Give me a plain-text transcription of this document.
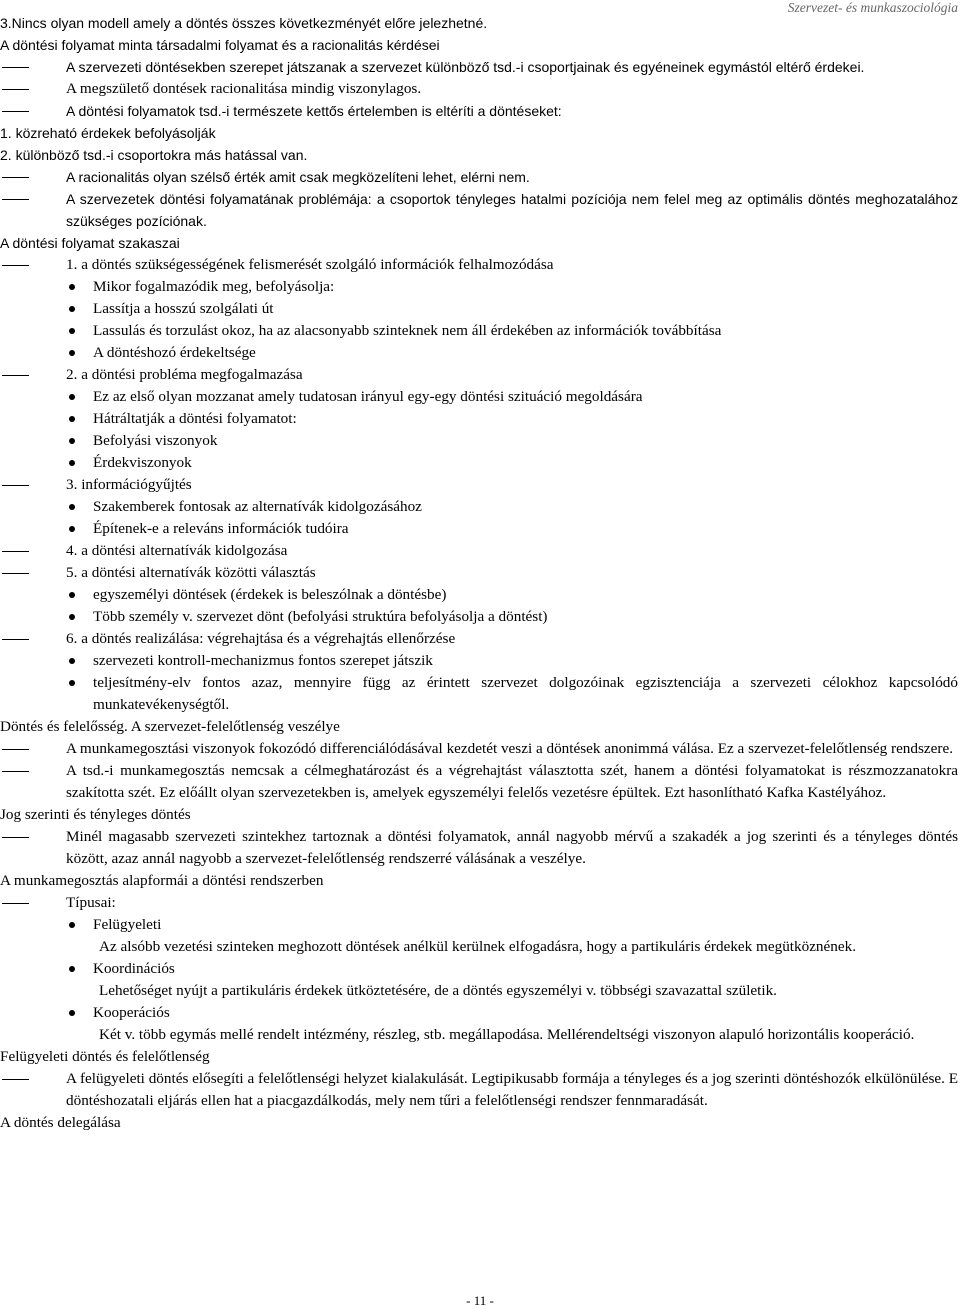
Szervezet- és munkaszociológia
3.Nincs olyan modell amely a döntés összes következményét előre jelezhetné.
A döntési folyamat minta társadalmi folyamat és a racionalitás kérdései
A szervezeti döntésekben szerepet játszanak a szervezet különböző tsd.-i csoportjainak és egyéneinek egymástól eltérő érdekei.
A megszülető dontések racionalitása mindig viszonylagos.
A döntési folyamatok tsd.-i természete kettős értelemben is eltéríti a döntéseket:
1. közreható érdekek befolyásolják
2. különböző tsd.-i csoportokra más hatással van.
A racionalitás olyan szélső érték amit csak megközelíteni lehet, elérni nem.
A szervezetek döntési folyamatának problémája: a csoportok tényleges hatalmi pozíciója nem felel meg az optimális döntés meghozatalához szükséges pozíciónak.
A döntési folyamat szakaszai
1. a döntés szükségességének felismerését szolgáló információk felhalmozódása
Mikor fogalmazódik meg, befolyásolja:
Lassítja a hosszú szolgálati út
Lassulás és torzulást okoz, ha az alacsonyabb szinteknek nem áll érdekében az információk továbbítása
A döntéshozó érdekeltsége
2. a döntési probléma megfogalmazása
Ez az első olyan mozzanat amely tudatosan irányul egy-egy döntési szituáció megoldására
Hátráltatják a döntési folyamatot:
Befolyási viszonyok
Érdekviszonyok
3. információgyűjtés
Szakemberek fontosak az alternatívák kidolgozásához
Építenek-e a releváns információk tudóira
4. a döntési alternatívák kidolgozása
5. a döntési alternatívák közötti választás
egyszemélyi döntések (érdekek is beleszólnak a döntésbe)
Több személy v. szervezet dönt (befolyási struktúra befolyásolja a döntést)
6. a döntés realizálása: végrehajtása és a végrehajtás ellenőrzése
szervezeti kontroll-mechanizmus fontos szerepet játszik
teljesítmény-elv fontos azaz, mennyire függ az érintett szervezet dolgozóinak egzisztenciája a szervezeti célokhoz kapcsolódó munkatevékenységtől.
Döntés és felelősség. A szervezet-felelőtlenség veszélye
A munkamegosztási viszonyok fokozódó differenciálódásával kezdetét veszi a döntések anonimmá válása. Ez a szervezet-felelőtlenség rendszere.
A tsd.-i munkamegosztás nemcsak a célmeghatározást és a végrehajtást választotta szét, hanem a döntési folyamatokat is részmozzanatokra szakította szét. Ez előállt olyan szervezetekben is, amelyek egyszemélyi felelős vezetésre épültek. Ezt hasonlítható Kafka Kastélyához.
Jog szerinti és tényleges döntés
Minél magasabb szervezeti szintekhez tartoznak a döntési folyamatok, annál nagyobb mérvű a szakadék a jog szerinti és a tényleges döntés között, azaz annál nagyobb a szervezet-felelőtlenség rendszerré válásának a veszélye.
A munkamegosztás alapformái a döntési rendszerben
Típusai:
Felügyeleti
Az alsóbb vezetési szinteken meghozott döntések anélkül kerülnek elfogadásra, hogy a partikuláris érdekek megütköznének.
Koordinációs
Lehetőséget nyújt a partikuláris érdekek ütköztetésére, de a döntés egyszemélyi v. többségi szavazattal születik.
Kooperációs
Két v. több egymás mellé rendelt intézmény, részleg, stb. megállapodása. Mellérendeltségi viszonyon alapuló horizontális kooperáció.
Felügyeleti döntés és felelőtlenség
A felügyeleti döntés elősegíti a felelőtlenségi helyzet kialakulását. Legtipikusabb formája a tényleges és a jog szerinti döntéshozók elkülönülése. E döntéshozatali eljárás ellen hat a piacgazdálkodás, mely nem tűri a felelőtlenségi rendszer fennmaradását.
A döntés delegálása
- 11 -
